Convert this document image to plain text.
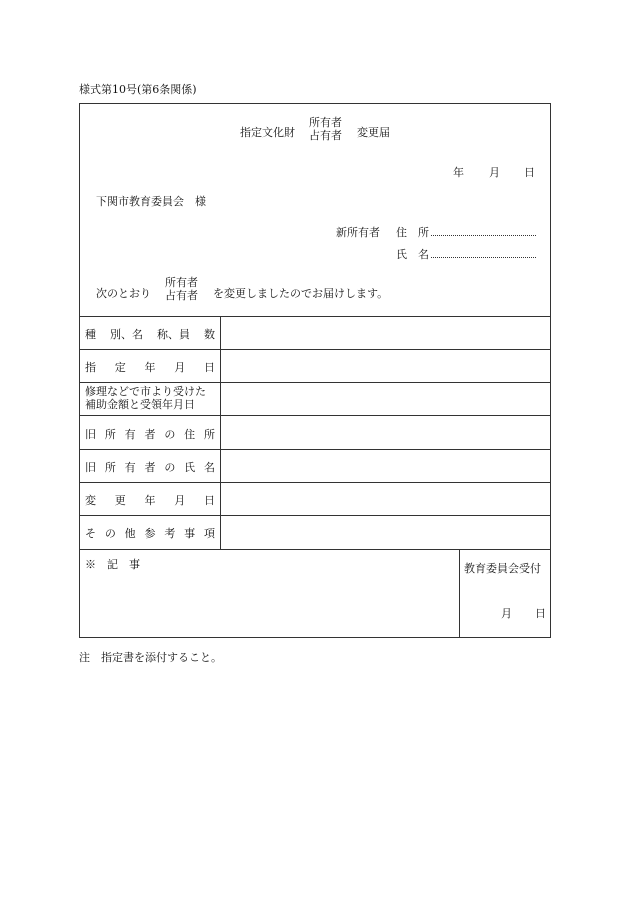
様式第10号(第6条関係)
指定文化財
所有者
占有者 変更届
年 月 日
下関市教育委員会　様
新所有者 住　所
氏　名
次のとおり
所有者
占有者 を変更しましたのでお届けします。
種 別、名 称、員 数
指 定 年 月 日
修理などで市より受けた
補助金額と受領年月日
旧 所 有 者 の 住 所
旧 所 有 者 の 氏 名
変 更 年 月 日
そ の 他 参 考 事 項
※　記　事	教育委員会受付
月 日
注　指定書を添付すること。
